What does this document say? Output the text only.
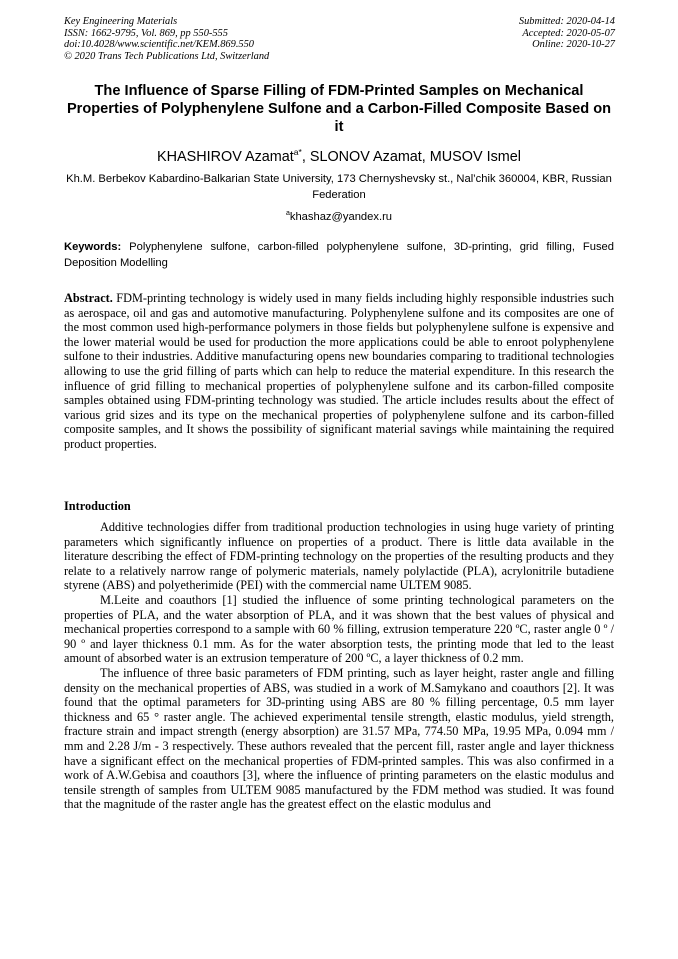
Key Engineering Materials
ISSN: 1662-9795, Vol. 869, pp 550-555
doi:10.4028/www.scientific.net/KEM.869.550
© 2020 Trans Tech Publications Ltd, Switzerland
Submitted: 2020-04-14
Accepted: 2020-05-07
Online: 2020-10-27
The Influence of Sparse Filling of FDM-Printed Samples on Mechanical Properties of Polyphenylene Sulfone and a Carbon-Filled Composite Based on it
KHASHIROV Azamat$^{a*}$, SLONOV Azamat, MUSOV Ismel
Kh.M. Berbekov Kabardino-Balkarian State University, 173 Chernyshevsky st., Nal’chik 360004, KBR, Russian Federation
$^a$khashaz@yandex.ru
Keywords: Polyphenylene sulfone, carbon-filled polyphenylene sulfone, 3D-printing, grid filling, Fused Deposition Modelling
Abstract. FDM-printing technology is widely used in many fields including highly responsible industries such as aerospace, oil and gas and automotive manufacturing. Polyphenylene sulfone and its composites are one of the most common used high-performance polymers in those fields but polyphenylene sulfone is expensive and the lower material would be used for production the more applications could be able to enroot polyphenylene sulfone to their industries. Additive manufacturing opens new boundaries comparing to traditional technologies allowing to use the grid filling of parts which can help to reduce the material expenditure. In this research the influence of grid filling to mechanical properties of polyphenylene sulfone and its carbon-filled composite samples obtained using FDM-printing technology was studied. The article includes results about the effect of various grid sizes and its type on the mechanical properties of polyphenylene sulfone and its carbon-filled composite samples, and It shows the possibility of significant material savings while maintaining the required product properties.
Introduction

Additive technologies differ from traditional production technologies in using huge variety of printing parameters which significantly influence on properties of a product. There is little data available in the literature describing the effect of FDM-printing technology on the properties of the resulting products and they relate to a relatively narrow range of polymeric materials, namely polylactide (PLA), acrylonitrile butadiene styrene (ABS) and polyetherimide (PEI) with the commercial name ULTEM 9085.

M.Leite and coauthors [1] studied the influence of some printing technological parameters on the properties of PLA, and the water absorption of PLA, and it was shown that the best values of physical and mechanical properties correspond to a sample with 60 % filling, extrusion temperature 220 ºC, raster angle 0 º / 90 º and layer thickness 0.1 mm. As for the water absorption tests, the printing mode that led to the least amount of absorbed water is an extrusion temperature of 200 ºC, a layer thickness of 0.2 mm.

The influence of three basic parameters of FDM printing, such as layer height, raster angle and filling density on the mechanical properties of ABS, was studied in a work of M.Samykano and coauthors [2]. It was found that the optimal parameters for 3D-printing using ABS are 80 % filling percentage, 0.5 mm layer thickness and 65 ° raster angle. The achieved experimental tensile strength, elastic modulus, yield strength, fracture strain and impact strength (energy absorption) are 31.57 MPa, 774.50 MPa, 19.95 MPa, 0.094 mm / mm and 2.28 J/m - 3 respectively. These authors revealed that the percent fill, raster angle and layer thickness have a significant effect on the mechanical properties of FDM-printed samples. This was also confirmed in a work of A.W.Gebisa and coauthors [3], where the influence of printing parameters on the elastic modulus and tensile strength of samples from ULTEM 9085 manufactured by the FDM method was studied. It was found that the magnitude of the raster angle has the greatest effect on the elastic modulus and
